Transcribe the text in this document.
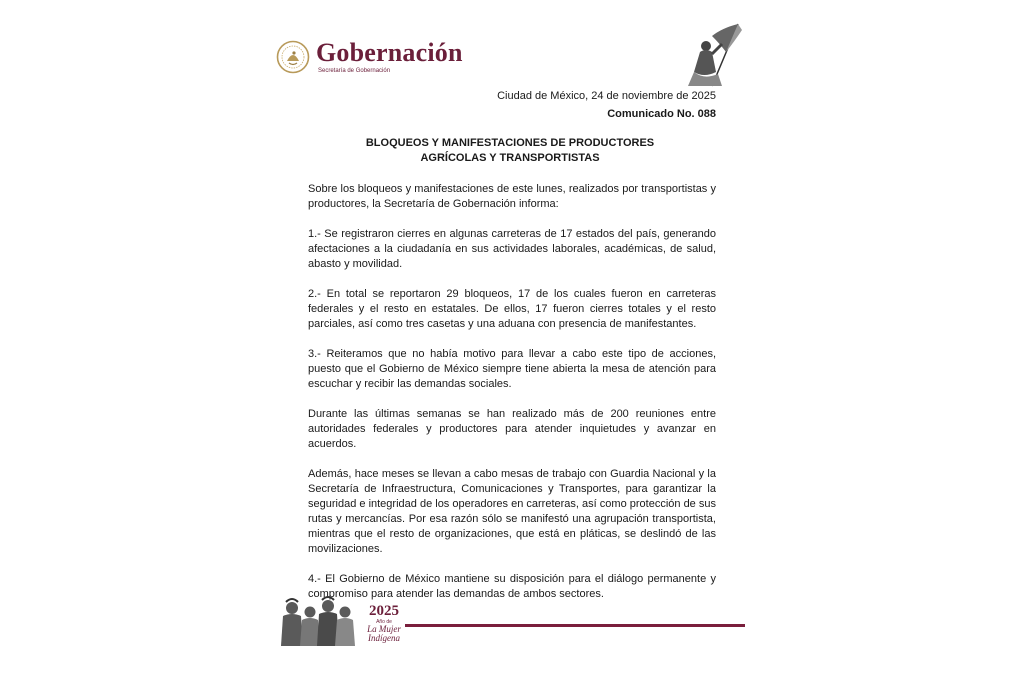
Gobernación
Secretaría de Gobernación
Ciudad de México, 24 de noviembre de 2025
Comunicado No. 088
BLOQUEOS Y MANIFESTACIONES DE PRODUCTORES
AGRÍCOLAS Y TRANSPORTISTAS

Sobre los bloqueos y manifestaciones de este lunes, realizados por transportistas y productores, la Secretaría de Gobernación informa:

1.- Se registraron cierres en algunas carreteras de 17 estados del país, generando afectaciones a la ciudadanía en sus actividades laborales, académicas, de salud, abasto y movilidad.

2.- En total se reportaron 29 bloqueos, 17 de los cuales fueron en carreteras federales y el resto en estatales. De ellos, 17 fueron cierres totales y el resto parciales, así como tres casetas y una aduana con presencia de manifestantes.

3.- Reiteramos que no había motivo para llevar a cabo este tipo de acciones, puesto que el Gobierno de México siempre tiene abierta la mesa de atención para escuchar y recibir las demandas sociales.

Durante las últimas semanas se han realizado más de 200 reuniones entre autoridades federales y productores para atender inquietudes y avanzar en acuerdos.

Además, hace meses se llevan a cabo mesas de trabajo con Guardia Nacional y la Secretaría de Infraestructura, Comunicaciones y Transportes, para garantizar la seguridad e integridad de los operadores en carreteras, así como protección de sus rutas y mercancías. Por esa razón sólo se manifestó una agrupación transportista, mientras que el resto de organizaciones, que está en pláticas, se deslindó de las movilizaciones.

4.- El Gobierno de México mantiene su disposición para el diálogo permanente y compromiso para atender las demandas de ambos sectores.

2025
Año de
La Mujer
Indígena
